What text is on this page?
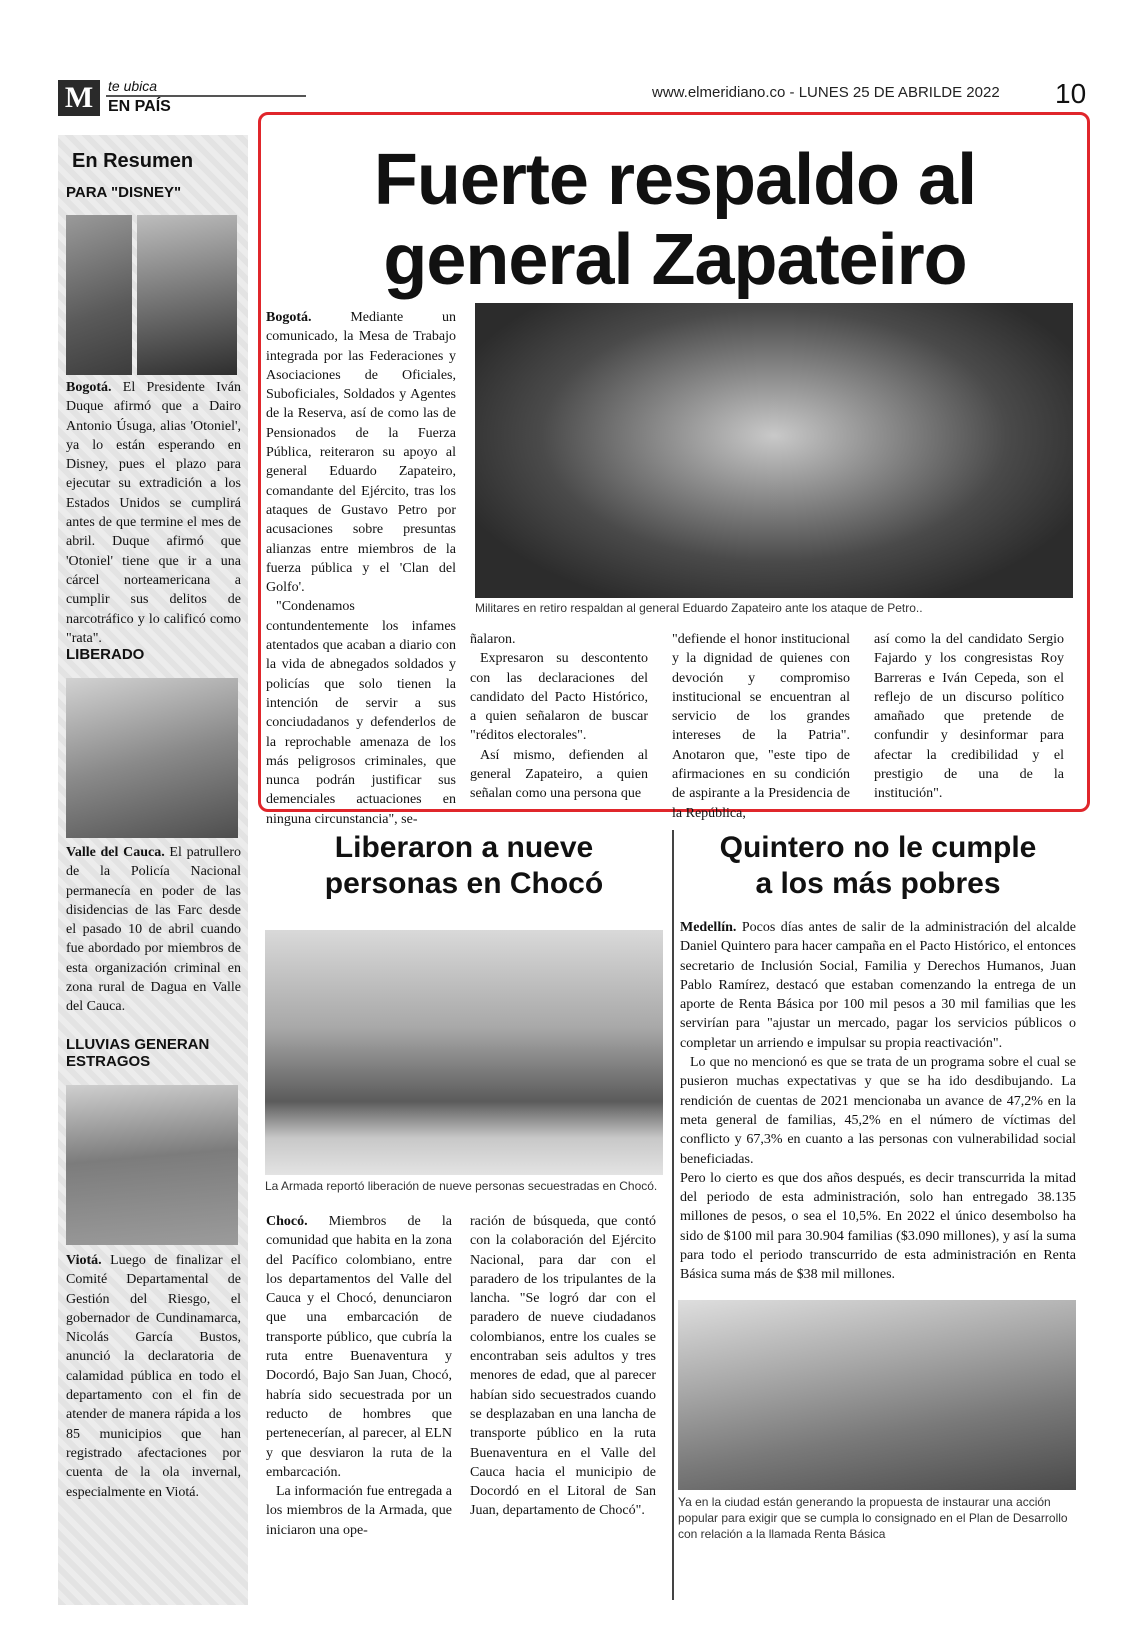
M	te ubica
EN PAÍS
www.elmeridiano.co - LUNES 25 DE ABRILDE 2022 10
En Resumen
PARA "DISNEY"
Bogotá. El Presidente Iván Duque afirmó que a Dairo Antonio Úsuga, alias 'Otoniel', ya lo están esperando en Disney, pues el plazo para ejecutar su extradición a los Estados Unidos se cumplirá antes de que termine el mes de abril. Duque afirmó que 'Otoniel' tiene que ir a una cárcel norteamericana a cumplir sus delitos de narcotráfico y lo calificó como "rata".
LIBERADO
Valle del Cauca. El patrullero de la Policía Nacional permanecía en poder de las disidencias de las Farc desde el pasado 10 de abril cuando fue abordado por miembros de esta organización criminal en zona rural de Dagua en Valle del Cauca.
LLUVIAS GENERAN ESTRAGOS
Viotá. Luego de finalizar el Comité Departamental de Gestión del Riesgo, el gobernador de Cundinamarca, Nicolás García Bustos, anunció la declaratoria de calamidad pública en todo el departamento con el fin de atender de manera rápida a los 85 municipios que han registrado afectaciones por cuenta de la ola invernal, especialmente en Viotá.
Fuerte respaldo al
general Zapateiro
Bogotá.	Mediante un comunicado, la Mesa de Trabajo integrada por las Federaciones y Asociaciones de Oficiales, Suboficiales, Soldados y Agentes de la Reserva, así de como las de Pensionados de la Fuerza Pública, reiteraron su apoyo al general Eduardo Zapateiro, comandante del Ejército, tras los ataques de Gustavo Petro por acusaciones sobre presuntas alianzas entre miembros de la fuerza pública y el 'Clan del Golfo'.
"Condenamos contundentemente los infames atentados que acaban a diario con la vida de abnegados soldados y policías que solo tienen la intención de servir a sus conciudadanos y defenderlos de la reprochable amenaza de los más peligrosos criminales, que nunca podrán justificar sus demenciales actuaciones en ninguna circunstancia", se-
Militares en retiro respaldan al general Eduardo Zapateiro ante los ataque de Petro..
ñalaron.
Expresaron su descontento con las declaraciones del candidato del Pacto Histórico, a quien señalaron de buscar "réditos electorales".
Así mismo, defienden al general Zapateiro, a quien señalan como una persona que
"defiende el honor institucional y la dignidad de quienes con devoción y compromiso institucional se encuentran al servicio de los grandes intereses de la Patria". Anotaron que, "este tipo de afirmaciones en su condición de aspirante a la Presidencia de la República,
así como la del candidato Sergio Fajardo y los congresistas Roy Barreras e Iván Cepeda, son el reflejo de un discurso político amañado que pretende de confundir y desinformar para afectar la credibilidad y el prestigio de una de la institución".
Liberaron a nueve
personas en Chocó
La Armada reportó liberación de nueve personas secuestradas en Chocó.
Chocó. Miembros de la comunidad que habita en la zona del Pacífico colombiano, entre los departamentos del Valle del Cauca y el Chocó, denunciaron que una embarcación de transporte público, que cubría la ruta entre Buenaventura y Docordó, Bajo San Juan, Chocó, habría sido secuestrada por un reducto de hombres que pertenecerían, al parecer, al ELN y que desviaron la ruta de la embarcación.
La información fue entregada a los miembros de la Armada, que iniciaron una ope-
ración de búsqueda, que contó con la colaboración del Ejército Nacional, para dar con el paradero de los tripulantes de la lancha. "Se logró dar con el paradero de nueve ciudadanos colombianos, entre los cuales se encontraban seis adultos y tres menores de edad, que al parecer habían sido secuestrados cuando se desplazaban en una lancha de transporte público en la ruta Buenaventura en el Valle del Cauca hacia el municipio de Docordó en el Litoral de San Juan, departamento de Chocó".
Quintero no le cumple
a los más pobres
Medellín. Pocos días antes de salir de la administración del alcalde Daniel Quintero para hacer campaña en el Pacto Histórico, el entonces secretario de Inclusión Social, Familia y Derechos Humanos, Juan Pablo Ramírez, destacó que estaban comenzando la entrega de un aporte de Renta Básica por 100 mil pesos a 30 mil familias que les servirían para "ajustar un mercado, pagar los servicios públicos o completar un arriendo e impulsar su propia reactivación".
Lo que no mencionó es que se trata de un programa sobre el cual se pusieron muchas expectativas y que se ha ido desdibujando. La rendición de cuentas de 2021 mencionaba un avance de 47,2% en la meta general de familias, 45,2% en el número de víctimas del conflicto y 67,3% en cuanto a las personas con vulnerabilidad social beneficiadas.
Pero lo cierto es que dos años después, es decir transcurrida la mitad del periodo de esta administración, solo han entregado 38.135 millones de pesos, o sea el 10,5%. En 2022 el único desembolso ha sido de $100 mil para 30.904 familias ($3.090 millones), y así la suma para todo el periodo transcurrido de esta administración en Renta Básica suma más de $38 mil millones.
Ya en la ciudad están generando la propuesta de instaurar una acción popular para exigir que se cumpla lo consignado en el Plan de Desarrollo con relación a la llamada Renta Básica
